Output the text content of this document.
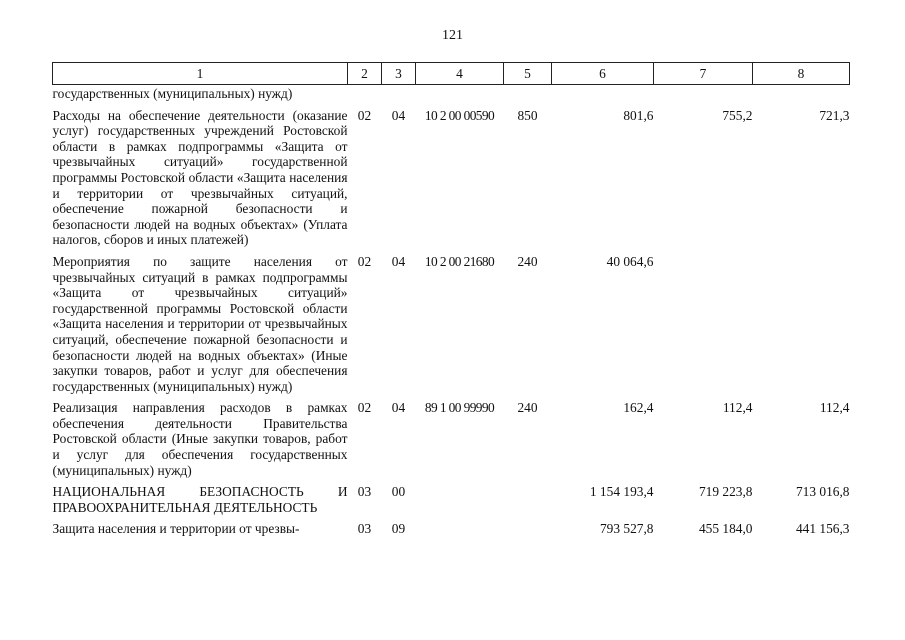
121
1	2	3	4	5	6	7	8
государственных (муниципальных) нужд)							
Расходы на обеспечение деятельности (оказание услуг) государственных учреждений Ростовской области в рамках подпрограммы «Защита от чрезвычайных ситуаций» государственной программы Ростовской области «Защита населения и территории от чрезвычайных ситуаций, обеспечение пожарной безопасности и безопасности людей на водных объектах» (Уплата налогов, сборов и иных платежей)	02	04	10 2 00 00590	850	801,6	755,2	721,3
Мероприятия по защите населения от чрезвычайных ситуаций в рамках подпрограммы «Защита от чрезвычайных ситуаций» государственной программы Ростовской области «Защита населения и территории от чрезвычайных ситуаций, обеспечение пожарной безопасности и безопасности людей на водных объектах» (Иные закупки товаров, работ и услуг для обеспечения государственных (муниципальных) нужд)	02	04	10 2 00 21680	240	40 064,6		
Реализация направления расходов в рамках обеспечения деятельности Правительства Ростовской области (Иные закупки товаров, работ и услуг для обеспечения государственных (муниципальных) нужд)	02	04	89 1 00 99990	240	162,4	112,4	112,4
НАЦИОНАЛЬНАЯ БЕЗОПАСНОСТЬ И ПРАВООХРАНИТЕЛЬНАЯ ДЕЯТЕЛЬНОСТЬ	03	00			1 154 193,4	719 223,8	713 016,8
Защита населения и территории от чрезвы-	03	09			793 527,8	455 184,0	441 156,3
